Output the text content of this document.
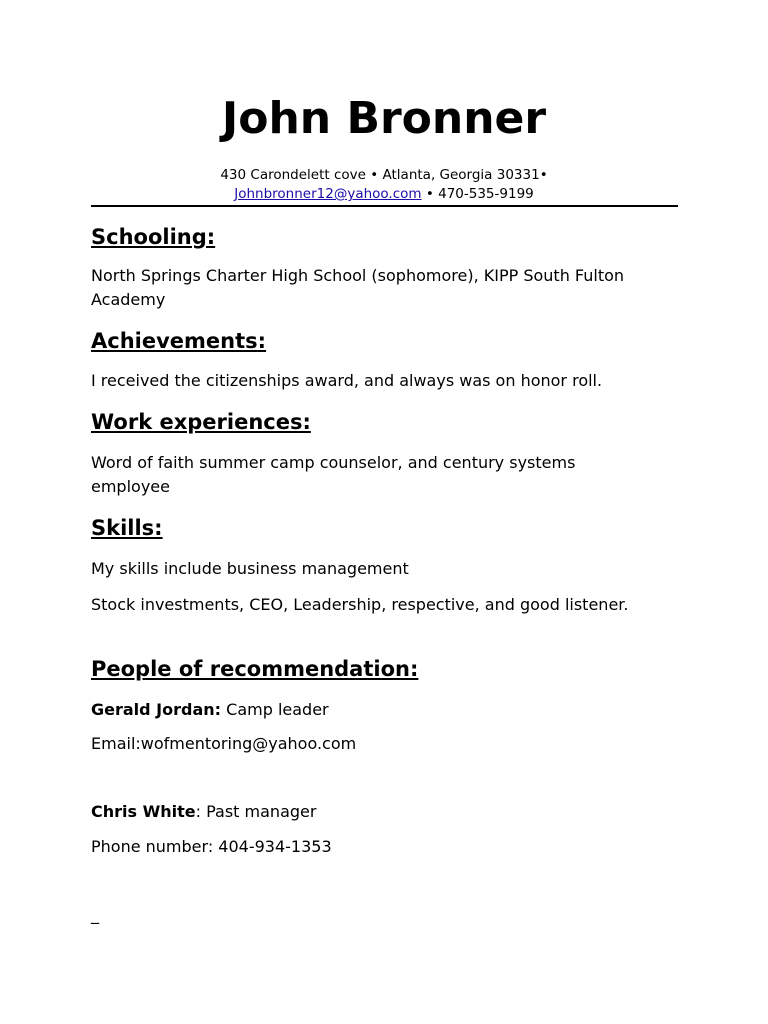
John Bronner
430 Carondelett cove • Atlanta, Georgia 30331•
Johnbronner12@yahoo.com • 470-535-9199
Schooling:

North Springs Charter High School (sophomore), KIPP South Fulton Academy

Achievements:

I received the citizenships award, and always was on honor roll.

Work experiences:

Word of faith summer camp counselor, and century systems employee

Skills:

My skills include business management

Stock investments, CEO, Leadership, respective, and good listener.

People of recommendation:

Gerald Jordan: Camp leader

Email:wofmentoring@yahoo.com

Chris White: Past manager

Phone number: 404-934-1353

_
